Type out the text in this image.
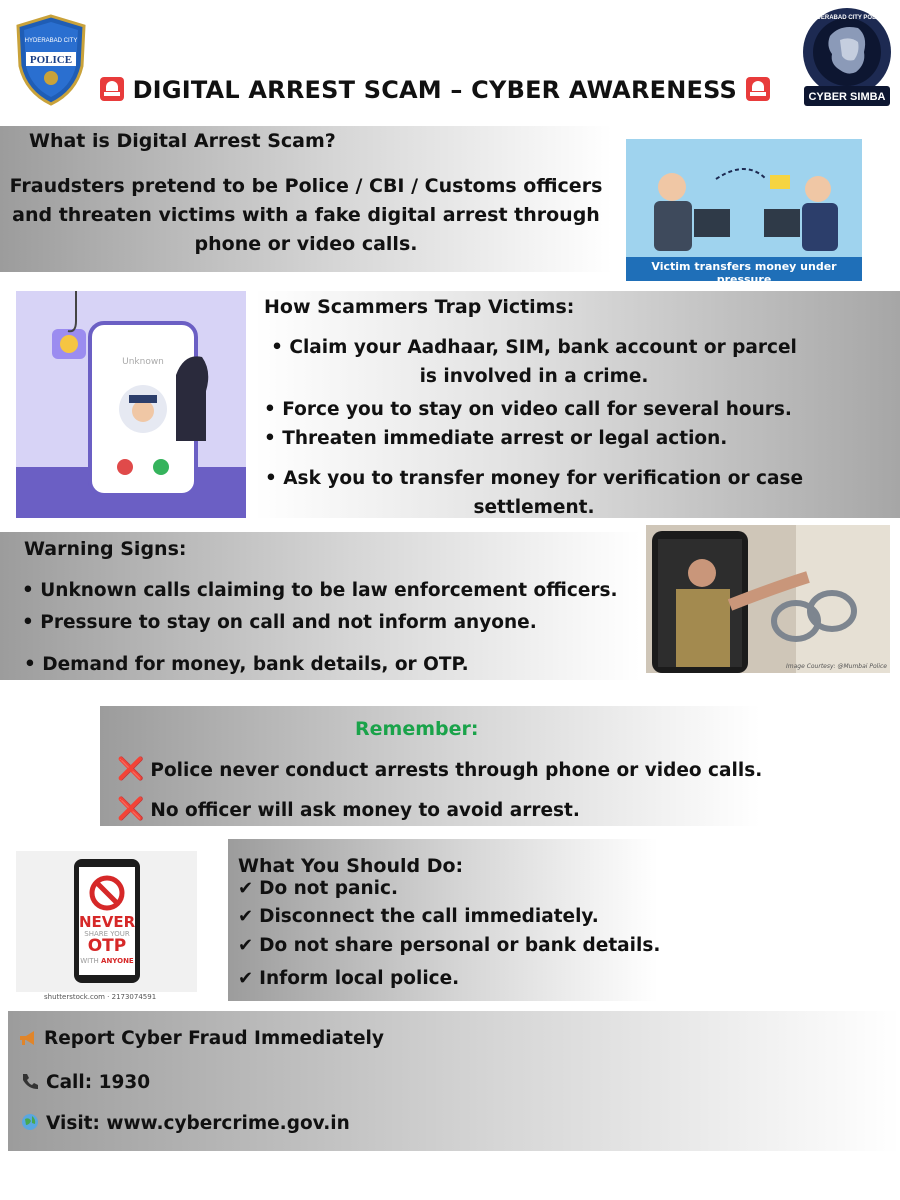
POLICE
HYDERABAD CITY
DIGITAL ARREST SCAM – CYBER AWARENESS
HYDERABAD CITY POLICE
CYBER SIMBA
What is Digital Arrest Scam?
Fraudsters pretend to be Police / CBI / Customs officers and threaten victims with a fake digital arrest through phone or video calls.
Victim transfers money under pressure
Unknown
How Scammers Trap Victims:
• Claim your Aadhaar, SIM, bank account or parcel is involved in a crime.
• Force you to stay on video call for several hours.
• Threaten immediate arrest or legal action.
• Ask you to transfer money for verification or case settlement.
Warning Signs:
• Unknown calls claiming to be law enforcement officers.
• Pressure to stay on call and not inform anyone.
• Demand for money, bank details, or OTP.	Image Courtesy: @Mumbai Police
Remember:
❌ Police never conduct arrests through phone or video calls.
❌ No officer will ask money to avoid arrest.
NEVER
SHARE YOUR
OTP
WITH ANYONE
shutterstock.com · 2173074591
What You Should Do:
✔ Do not panic.
✔ Disconnect the call immediately.
✔ Do not share personal or bank details.
✔ Inform local police.
Report Cyber Fraud Immediately
Call: 1930
Visit: www.cybercrime.gov.in
